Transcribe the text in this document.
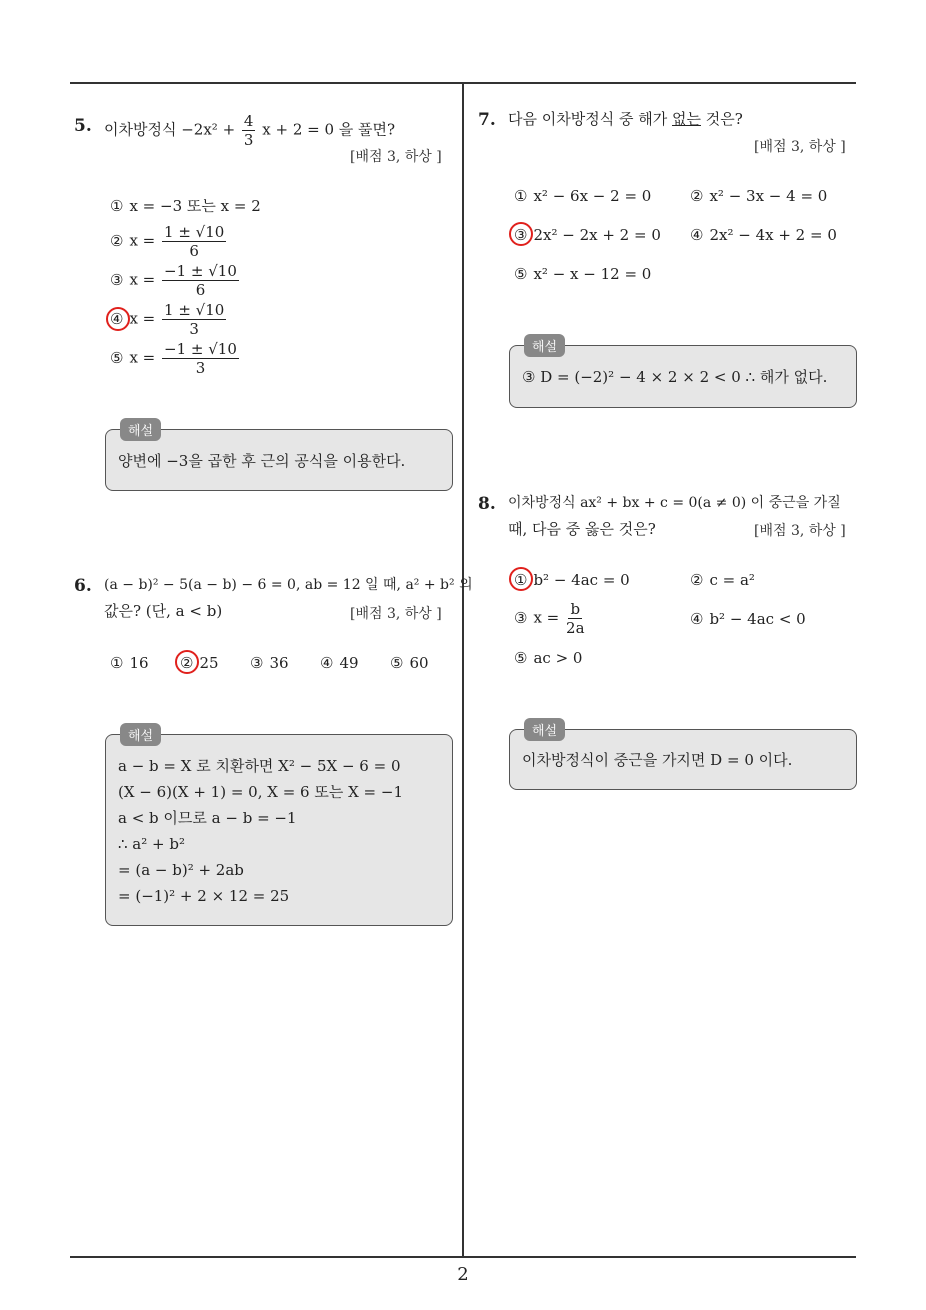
5. 이차방정식 $-2x^2 + \frac{4}{3}$ x + 2 = 0 을 풀면?
[배점 3, 하상 ]
① x = −3 또는 x = 2
② $x = \frac{1 \pm √10}{6}$
③ $x = \frac{-1 \pm √10}{6}$
④ $x = \frac{1 \pm √10}{3}$
⑤ $x = \frac{-1 \pm √10}{3}$
양변에 −3을 곱한 후 근의 공식을 이용한다.
해설
6. (a − b)² − 5(a − b) − 6 = 0, ab = 12 일 때, a² + b² 의
값은? (단, a < b)	[배점 3, 하상 ]
① 16 ② 25 ③ 36 ④ 49 ⑤ 60
a − b = X 로 치환하면 X² − 5X − 6 = 0
(X − 6)(X + 1) = 0, X = 6 또는 X = −1
a < b 이므로 a − b = −1
∴ a² + b²
= (a − b)² + 2ab
= (−1)² + 2 × 12 = 25
해설
7. 다음 이차방정식 중 해가 없는 것은?
[배점 3, 하상 ]
① x² − 6x − 2 = 0	② x² − 3x − 4 = 0
③ 2x² − 2x + 2 = 0 ④ 2x² − 4x + 2 = 0
⑤ x² − x − 12 = 0
③ D = (−2)² − 4 × 2 × 2 < 0 ∴ 해가 없다.
해설
8. 이차방정식 ax² + bx + c = 0(a ≠ 0) 이 중근을 가질
때, 다음 중 옳은 것은?	[배점 3, 하상 ]
① b² − 4ac = 0	② c = a²
③ $x = \frac{b}{2a}$	④ b² − 4ac < 0
⑤ ac > 0
이차방정식이 중근을 가지면 D = 0 이다.
해설
2
